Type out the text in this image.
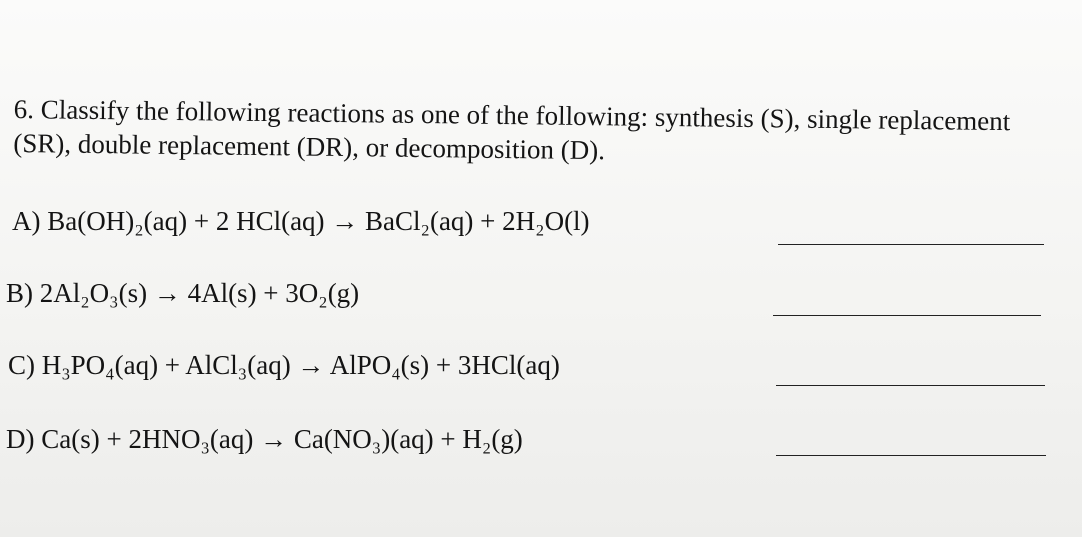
6. Classify the following reactions as one of the following: synthesis (S), single replacement (SR), double replacement (DR), or decomposition (D).

A) Ba(OH)₂(aq) + 2 HCl(aq) → BaCl₂(aq) + 2H₂O(l)
B) 2Al₂O₃(s) → 4Al(s) + 3O₂(g)
C) H₃PO₄(aq) + AlCl₃(aq) → AlPO₄(s) + 3HCl(aq)
D) Ca(s) + 2HNO₃(aq) → Ca(NO₃)(aq) + H₂(g)
